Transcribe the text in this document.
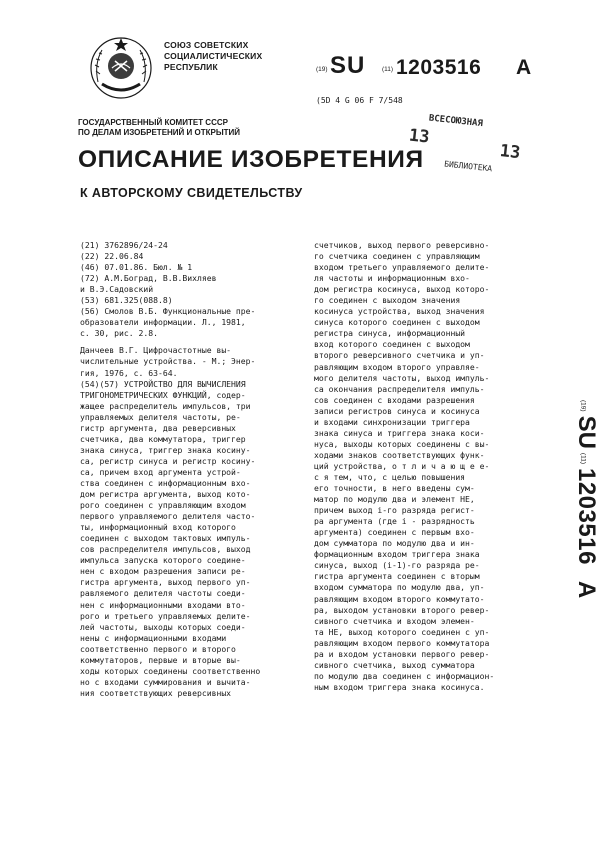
СОЮЗ СОВЕТСКИХ
СОЦИАЛИСТИЧЕСКИХ
РЕСПУБЛИК	(19) SU	(11) 1203516 A
(5D 4 G 06 F 7/548
ГОСУДАРСТВЕННЫЙ КОМИТЕТ СССР
ПО ДЕЛАМ ИЗОБРЕТЕНИЙ И ОТКРЫТИЙ
ВСЕСОЮЗНАЯ
13
13
БИБЛИОТЕКА
ОПИСАНИЕ ИЗОБРЕТЕНИЯ
К АВТОРСКОМУ СВИДЕТЕЛЬСТВУ
(21) 3762896/24-24
(22) 22.06.84
(46) 07.01.86. Бюл. № 1
(72) А.М.Боград, В.В.Вихляев
и В.Э.Садовский
(53) 681.325(088.8)
(56) Смолов В.Б. Функциональные пре-
образователи информации. Л., 1981,
с. 30, рис. 2.8.
Данчеев В.Г. Цифрочастотные вы-
числительные устройства. - М.; Энер-
гия, 1976, с. 63-64.
(54)(57) УСТРОЙСТВО ДЛЯ ВЫЧИСЛЕНИЯ
ТРИГОНОМЕТРИЧЕСКИХ ФУНКЦИЙ, содер-
жащее распределитель импульсов, три
управляемых делителя частоты, ре-
гистр аргумента, два реверсивных
счетчика, два коммутатора, триггер
знака синуса, триггер знака косину-
са, регистр синуса и регистр косину-
са, причем вход аргумента устрой-
ства соединен с информационным вхо-
дом регистра аргумента, выход кото-
рого соединен с управляющим входом
первого управляемого делителя часто-
ты, информационный вход которого
соединен с выходом тактовых импуль-
сов распределителя импульсов, выход
импульса запуска которого соедине-
нен с входом разрешения записи ре-
гистра аргумента, выход первого уп-
равляемого делителя частоты соеди-
нен с информационными входами вто-
рого и третьего управляемых делите-
лей частоты, выходы которых соеди-
нены с информационными входами
соответственно первого и второго
коммутаторов, первые и вторые вы-
ходы которых соединены соответственно
но с входами суммирования и вычита-
ния соответствующих реверсивных
счетчиков, выход первого реверсивно-
го счетчика соединен с управляющим
входом третьего управляемого делите-
ля частоты и информационным вхо-
дом регистра косинуса, выход которо-
го соединен с выходом значения
косинуса устройства, выход значения
синуса которого соединен с выходом
регистра синуса, информационный
вход которого соединен с выходом
второго реверсивного счетчика и уп-
равляющим входом второго управляе-
мого делителя частоты, выход импуль-
са окончания распределителя импуль-
сов соединен с входами разрешения
записи регистров синуса и косинуса
и входами синхронизации триггера
знака синуса и триггера знака коси-
нуса, выходы которых соединены с вы-
ходами знаков соответствующих функ-
ций устройства, о т л и ч а ю щ е е-
с я тем, что, с целью повышения
его точности, в него введены сум-
матор по модулю два и элемент НЕ,
причем выход i-го разряда регист-
ра аргумента (где i - разрядность
аргумента) соединен с первым вхо-
дом сумматора по модулю два и ин-
формационным входом триггера знака
синуса, выход (i-1)-го разряда ре-
гистра аргумента соединен с вторым
входом сумматора по модулю два, уп-
равляющим входом второго коммутато-
ра, выходом установки второго ревер-
сивного счетчика и входом элемен-
та НЕ, выход которого соединен с уп-
равляющим входом первого коммутатора
ра и входом установки первого ревер-
сивного счетчика, выход сумматора
по модулю два соединен с информацион-
ным входом триггера знака косинуса.
(19)SU(11)1203516A
